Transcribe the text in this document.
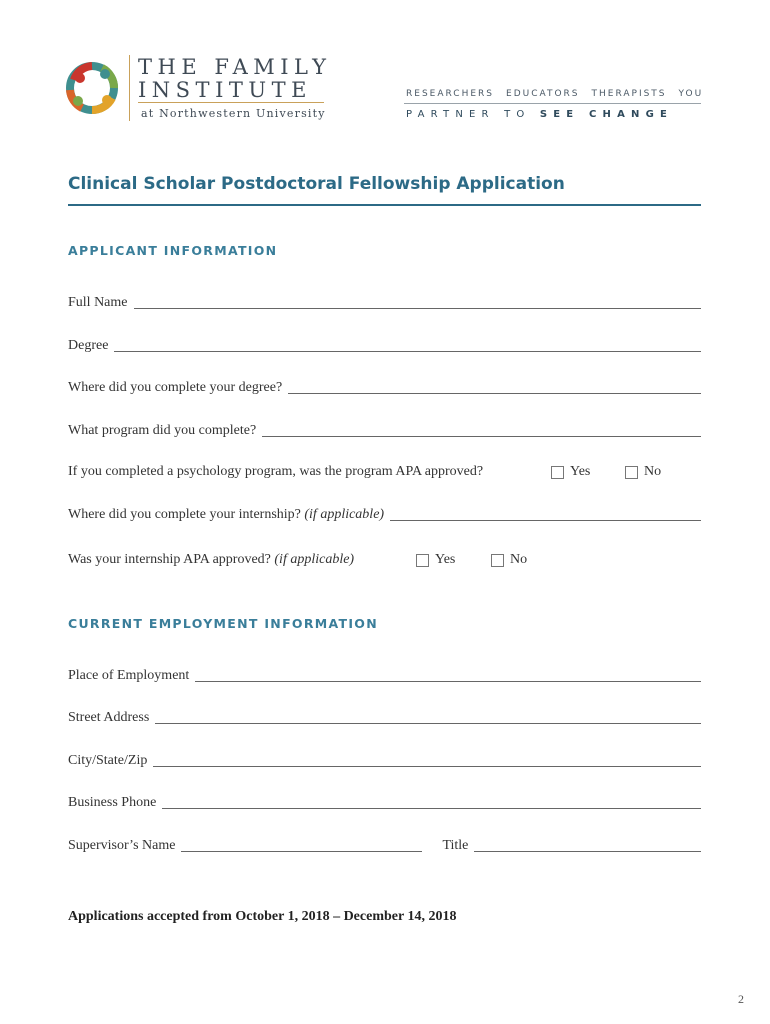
THE FAMILY
INSTITUTE
at Northwestern University
RESEARCHERS EDUCATORS THERAPISTS YOU
PARTNER TO SEE CHANGE
Clinical Scholar Postdoctoral Fellowship Application
APPLICANT INFORMATION
Full Name
Degree
Where did you complete your degree?
What program did you complete?
If you completed a psychology program, was the program APA approved?	Yes	No
Where did you complete your internship? (if applicable)
Was your internship APA approved? (if applicable)	Yes	No
CURRENT EMPLOYMENT INFORMATION
Place of Employment
Street Address
City/State/Zip
Business Phone
Supervisor’s Name	Title
Applications accepted from October 1, 2018 – December 14, 2018
2
